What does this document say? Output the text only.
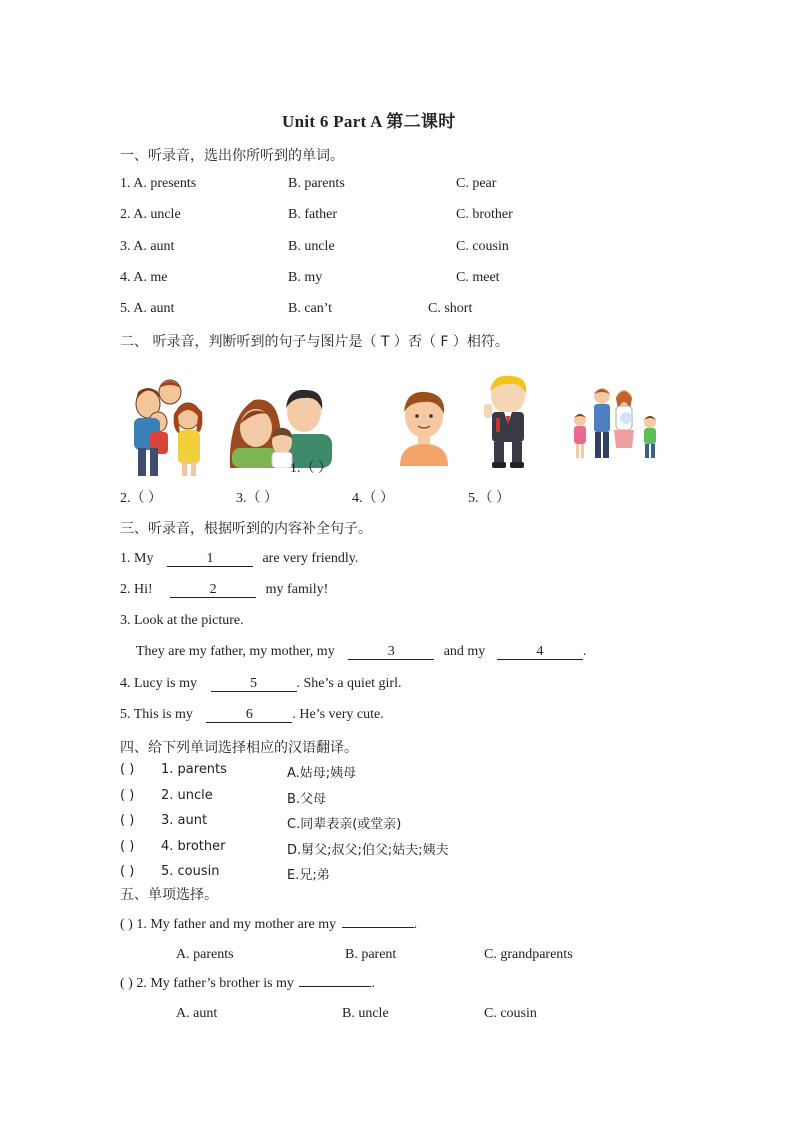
Unit 6 Part A 第二课时
一、听录音，选出你所听到的单词。
1. A. presents	B. parents	C. pear
2. A. uncle	B. father	C. brother
3. A. aunt	B. uncle	C. cousin
4. A. me	B. my	C. meet
5. A. aunt	B. can’t	C. short
二、 听录音，判断听到的句子与图片是（ T ）否（ F ）相符。
1.（ ）
2.（ ）	3.（ ）	4.（ ）	5.（ ）
三、听录音，根据听到的内容补全句子。
1. My	1	are very friendly.
2. Hi!	2	my family!
3. Look at the picture.
They are my father, my mother, my	3	and my	4	.
4. Lucy is my	5	. She’s a quiet girl.
5. This is my	6	. He’s very cute.
四、给下列单词选择相应的汉语翻译。
( ) 1. parents	A.姑母;姨母
( ) 2. uncle	B.父母
( ) 3. aunt	C.同辈表亲(或堂亲)
( ) 4. brother	D.舅父;叔父;伯父;姑夫;姨夫
( ) 5. cousin	E.兄;弟
五、单项选择。
( ) 1. My father and my mother are my	.
A. parents	B. parent	C. grandparents
( ) 2. My father’s brother is my	.
A. aunt	B. uncle	C. cousin
